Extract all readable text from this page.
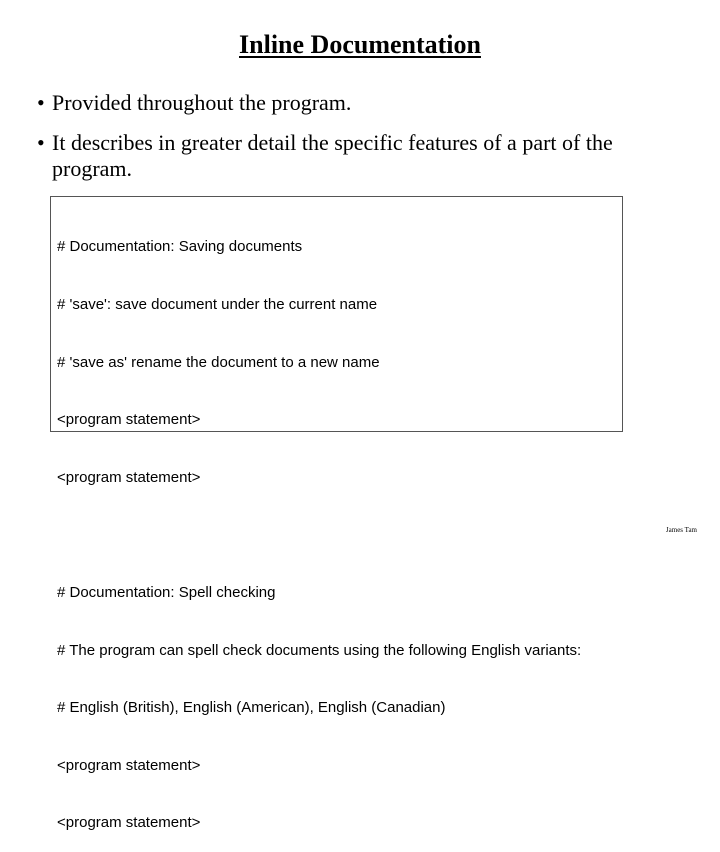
Inline Documentation
• Provided throughout the program.
• It describes in greater detail the specific features of a part of the program.

# Documentation: Saving documents

# 'save': save document under the current name

# 'save as' rename the document to a new name

<program statement>

<program statement>

# Documentation: Spell checking

# The program can spell check documents using the following English variants:

# English (British), English (American), English (Canadian)

<program statement>

<program statement>

James Tam
